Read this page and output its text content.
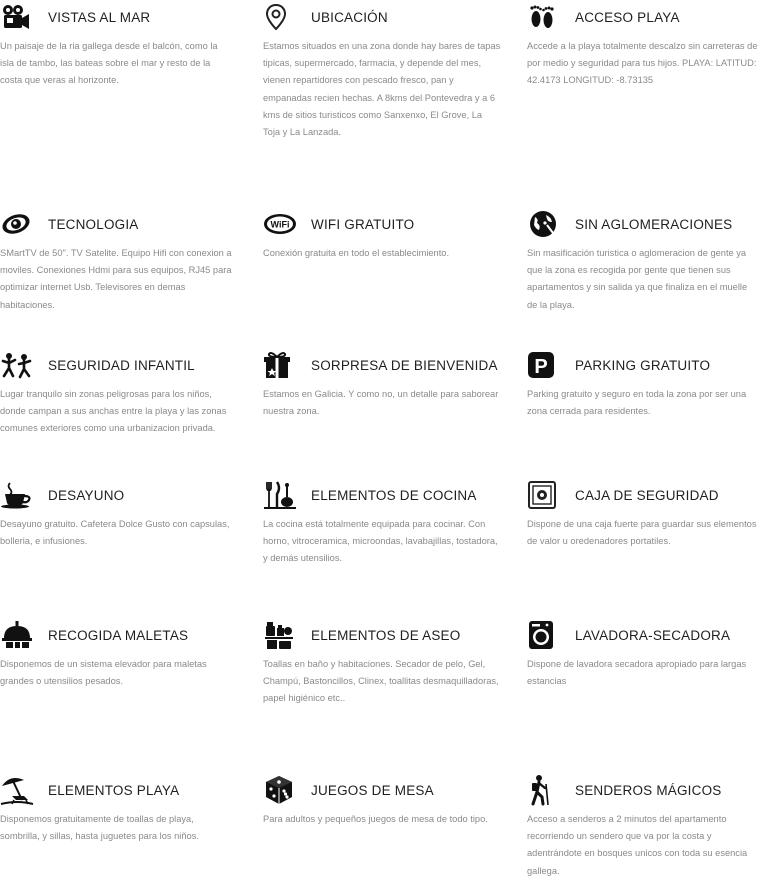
VISTAS AL MAR
Un paisaje de la ria gallega desde el balcón, como la isla de tambo, las bateas sobre el mar y resto de la costa que veras al horizonte.
UBICACIÓN
Estamos situados en una zona donde hay bares de tapas tipicas, supermercado, farmacia, y depende del mes, vienen repartidores con pescado fresco, pan y empanadas recien hechas. A 8kms del Pontevedra y a 6 kms de sitios turisticos como Sanxenxo, El Grove, La Toja y La Lanzada.
ACCESO PLAYA
Accede a la playa totalmente descalzo sin carreteras de por medio y seguridad para tus hijos. PLAYA: LATITUD: 42.4173 LONGITUD: -8.73135
TECNOLOGIA
SMartTV de 50". TV Satelite. Equipo Hifi con conexion a moviles. Conexiones Hdmi para sus equipos, RJ45 para optimizar internet Usb. Televisores en demas habitaciones.
WiFi WIFI GRATUITO
Conexión gratuita en todo el establecimiento.
SIN AGLOMERACIONES
Sin masificación turistica o aglomeracion de gente ya que la zona es recogida por gente que tienen sus apartamentos y sin salida ya que finaliza en el muelle de la playa.
SEGURIDAD INFANTIL
Lugar tranquilo sin zonas peligrosas para los niños, donde campan a sus anchas entre la playa y las zonas comunes exteriores como una urbanizacion privada.
SORPRESA DE BIENVENIDA
Estamos en Galicia. Y como no, un detalle para saborear nuestra zona.
P PARKING GRATUITO
Parking gratuito y seguro en toda la zona por ser una zona cerrada para residentes.
DESAYUNO
Desayuno gratuito. Cafetera Dolce Gusto con capsulas, bolleria, e infusiones.
ELEMENTOS DE COCINA
La cocina está totalmente equipada para cocinar. Con horno, vitroceramica, microondas, lavabajillas, tostadora, y demás utensilios.
CAJA DE SEGURIDAD
Dispone de una caja fuerte para guardar sus elementos de valor u oredenadores portatiles.
RECOGIDA MALETAS
Disponemos de un sistema elevador para maletas grandes o utensilios pesados.
ELEMENTOS DE ASEO
Toallas en baño y habitaciones. Secador de pelo, Gel, Champú, Bastoncillos, Clinex, toallitas desmaquilladoras, papel higiénico etc..
LAVADORA-SECADORA
Dispone de lavadora secadora apropiado para largas estancias
ELEMENTOS PLAYA
Disponemos gratuitamente de toallas de playa, sombrilla, y sillas, hasta juguetes para los niños.
JUEGOS DE MESA
Para adultos y pequeños juegos de mesa de todo tipo.
SENDEROS MÁGICOS
Acceso a senderos a 2 minutos del apartamento recorriendo un sendero que va por la costa y adentrándote en bosques unicos con toda su esencia gallega.
